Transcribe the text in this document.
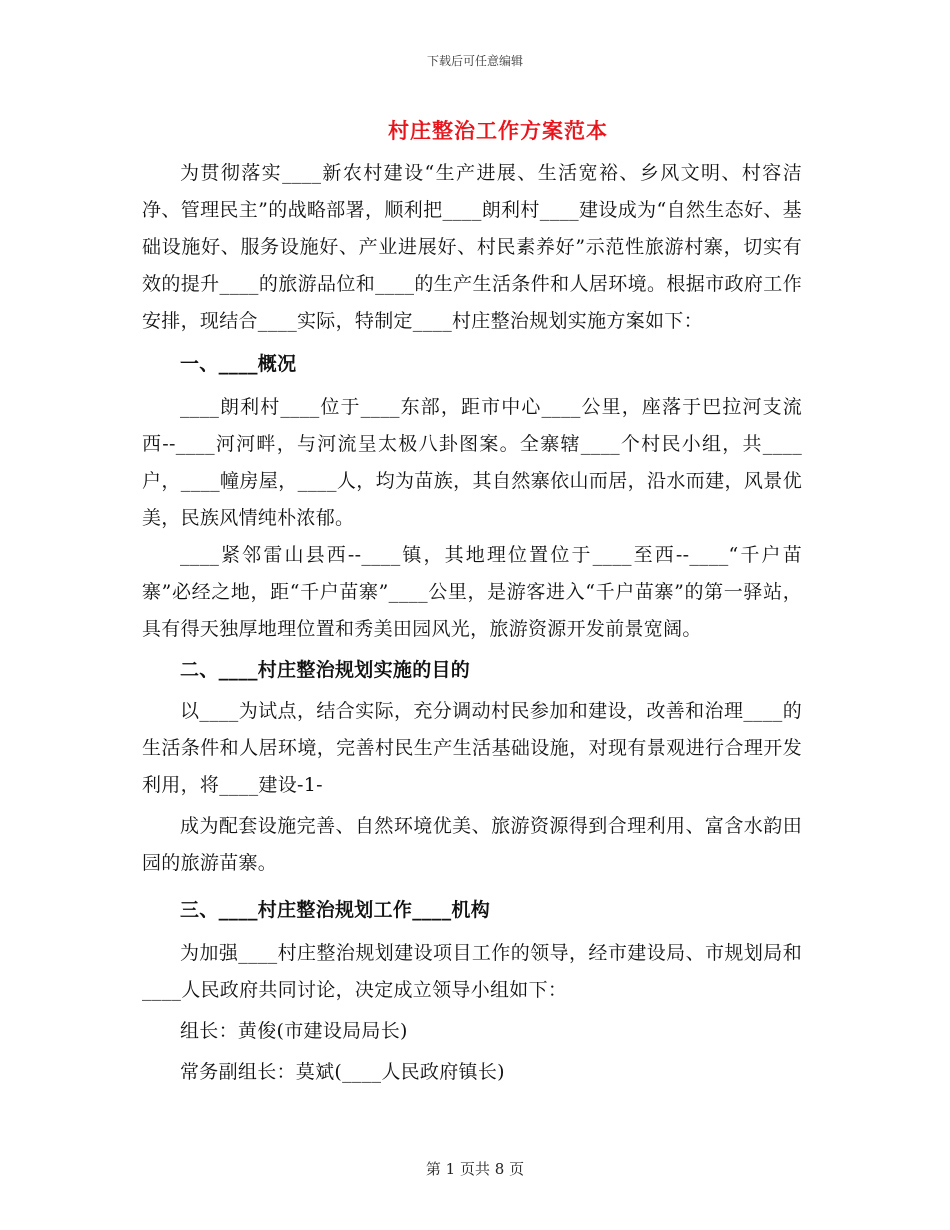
下载后可任意编辑
村庄整治工作方案范本

为贯彻落实____新农村建设“生产进展、生活宽裕、乡风文明、村容洁净、管理民主”的战略部署，顺利把____朗利村____建设成为“自然生态好、基础设施好、服务设施好、产业进展好、村民素养好”示范性旅游村寨，切实有效的提升____的旅游品位和____的生产生活条件和人居环境。根据市政府工作安排，现结合____实际，特制定____村庄整治规划实施方案如下：

一、____概况

____朗利村____位于____东部，距市中心____公里，座落于巴拉河支流西--____河河畔，与河流呈太极八卦图案。全寨辖____个村民小组，共____户，____幢房屋，____人，均为苗族，其自然寨依山而居，沿水而建，风景优美，民族风情纯朴浓郁。

____紧邻雷山县西--____镇，其地理位置位于____至西--____“千户苗寨”必经之地，距“千户苗寨”____公里，是游客进入“千户苗寨”的第一驿站，具有得天独厚地理位置和秀美田园风光，旅游资源开发前景宽阔。

二、____村庄整治规划实施的目的

以____为试点，结合实际，充分调动村民参加和建设，改善和治理____的生活条件和人居环境，完善村民生产生活基础设施，对现有景观进行合理开发利用，将____建设-1-

成为配套设施完善、自然环境优美、旅游资源得到合理利用、富含水韵田园的旅游苗寨。

三、____村庄整治规划工作____机构

为加强____村庄整治规划建设项目工作的领导，经市建设局、市规划局和____人民政府共同讨论，决定成立领导小组如下：

组长：黄俊(市建设局局长)
常务副组长：莫斌(____人民政府镇长)
第 1 页共 8 页
